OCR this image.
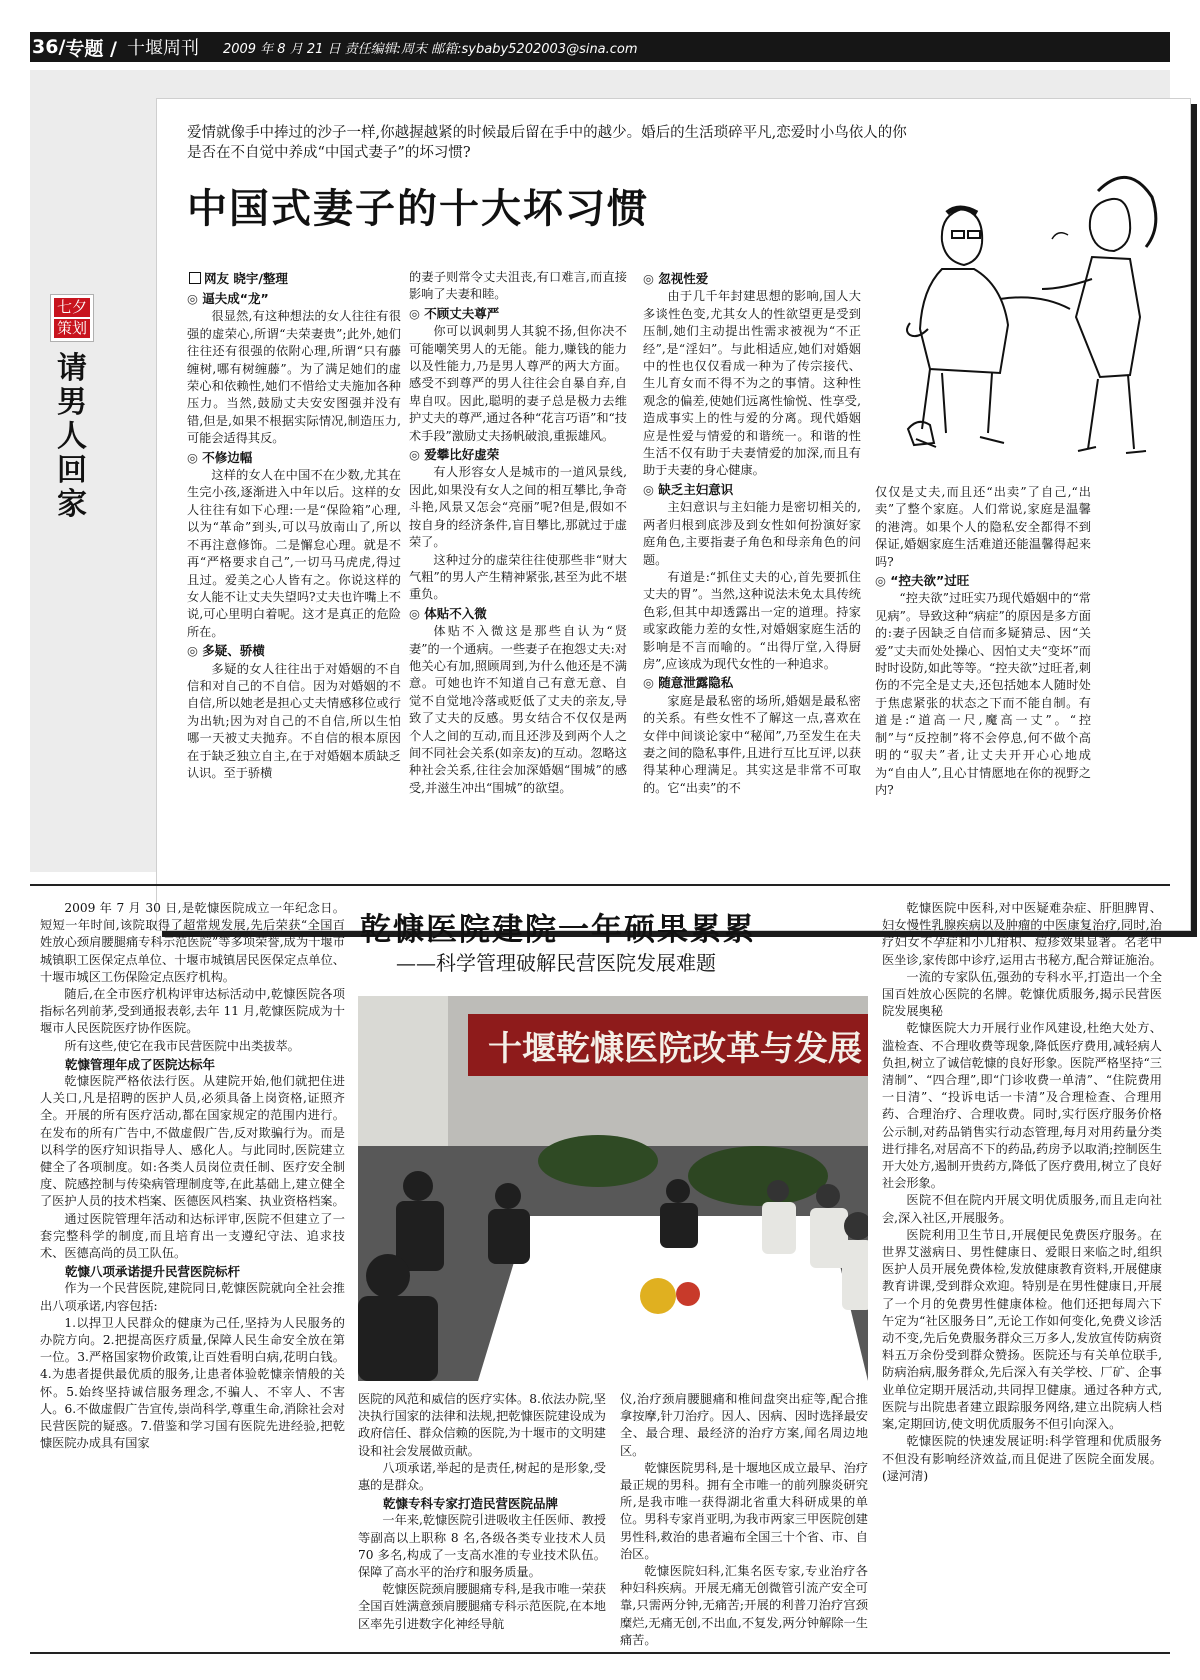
36/ 专题 / 十堰周刊 2009 年 8 月 21 日 责任编辑:周末 邮箱:sybaby5202003@sina.com
七夕
策划
请男人回家
爱情就像手中捧过的沙子一样,你越握越紧的时候最后留在手中的越少。婚后的生活琐碎平凡,恋爱时小鸟依人的你是否在不自觉中养成“中国式妻子”的坏习惯?
中国式妻子的十大坏习惯
网友 晓宇/整理
◎ 逼夫成“龙”

很显然,有这种想法的女人往往有很强的虚荣心,所谓“夫荣妻贵”;此外,她们往往还有很强的依附心理,所谓“只有藤缠树,哪有树缠藤”。为了满足她们的虚荣心和依赖性,她们不惜给丈夫施加各种压力。当然,鼓励丈夫安安图强并没有错,但是,如果不根据实际情况,制造压力,可能会适得其反。

◎ 不修边幅

这样的女人在中国不在少数,尤其在生完小孩,逐渐进入中年以后。这样的女人往往有如下心理:一是“保险箱”心理,以为“革命”到头,可以马放南山了,所以不再注意修饰。二是懈怠心理。就是不再“严格要求自己”,一切马马虎虎,得过且过。爱美之心人皆有之。你说这样的女人能不让丈夫失望吗?丈夫也许嘴上不说,可心里明白着呢。这才是真正的危险所在。

◎ 多疑、骄横

多疑的女人往往出于对婚姻的不自信和对自己的不自信。因为对婚姻的不自信,所以她老是担心丈夫情感移位或行为出轨;因为对自己的不自信,所以生怕哪一天被丈夫抛弃。不自信的根本原因在于缺乏独立自主,在于对婚姻本质缺乏认识。至于骄横

的妻子则常令丈夫沮丧,有口难言,而直接影响了夫妻和睦。

◎ 不顾丈夫尊严

你可以讽刺男人其貌不扬,但你决不可能嘲笑男人的无能。能力,赚钱的能力以及性能力,乃是男人尊严的两大方面。感受不到尊严的男人往往会自暴自弃,自卑自叹。因此,聪明的妻子总是极力去维护丈夫的尊严,通过各种“花言巧语”和“技术手段”激励丈夫扬帆破浪,重振雄风。

◎ 爱攀比好虚荣

有人形容女人是城市的一道风景线,因此,如果没有女人之间的相互攀比,争奇斗艳,风景又怎会“亮丽”呢?但是,假如不按自身的经济条件,盲目攀比,那就过于虚荣了。

这种过分的虚荣往往使那些非“财大气粗”的男人产生精神紧张,甚至为此不堪重负。

◎ 体贴不入微

体贴不入微这是那些自认为“贤妻”的一个通病。一些妻子在抱怨丈夫:对他关心有加,照顾周到,为什么他还是不满意。可她也许不知道自己有意无意、自觉不自觉地冷落或贬低了丈夫的亲友,导致了丈夫的反感。男女结合不仅仅是两个人之间的互动,而且还涉及到两个人之间不同社会关系(如亲友)的互动。忽略这种社会关系,往往会加深婚姻“围城”的感受,并滋生冲出“围城”的欲望。

◎ 忽视性爱

由于几千年封建思想的影响,国人大多谈性色变,尤其女人的性欲望更是受到压制,她们主动提出性需求被视为“不正经”,是“淫妇”。与此相适应,她们对婚姻中的性也仅仅看成一种为了传宗接代、生儿育女而不得不为之的事情。这种性观念的偏差,使她们远离性愉悦、性享受,造成事实上的性与爱的分离。现代婚姻应是性爱与情爱的和谐统一。和谐的性生活不仅有助于夫妻情爱的加深,而且有助于夫妻的身心健康。

◎ 缺乏主妇意识

主妇意识与主妇能力是密切相关的,两者归根到底涉及到女性如何扮演好家庭角色,主要指妻子角色和母亲角色的问题。

有道是:“抓住丈夫的心,首先要抓住丈夫的胃”。当然,这种说法未免太具传统色彩,但其中却透露出一定的道理。持家或家政能力差的女性,对婚姻家庭生活的影响是不言而喻的。“出得厅堂,入得厨房”,应该成为现代女性的一种追求。

◎ 随意泄露隐私

家庭是最私密的场所,婚姻是最私密的关系。有些女性不了解这一点,喜欢在女伴中间谈论家中“秘闻”,乃至发生在夫妻之间的隐私事件,且进行互比互评,以获得某种心理满足。其实这是非常不可取的。它“出卖”的不

仅仅是丈夫,而且还“出卖”了自己,“出卖”了整个家庭。人们常说,家庭是温馨的港湾。如果个人的隐私安全都得不到保证,婚姻家庭生活难道还能温馨得起来吗?

◎ “控夫欲”过旺

“控夫欲”过旺实乃现代婚姻中的“常见病”。导致这种“病症”的原因是多方面的:妻子因缺乏自信而多疑猜忌、因“关爱”丈夫而处处操心、因怕丈夫“变坏”而时时设防,如此等等。“控夫欲”过旺者,刺伤的不完全是丈夫,还包括她本人随时处于焦虑紧张的状态之下而不能自制。有道是:“道高一尺,魔高一丈”。“控制”与“反控制”将不会停息,何不做个高明的“驭夫”者,让丈夫开开心心地成为“自由人”,且心甘情愿地在你的视野之内?

乾慷医院建院一年硕果累累
——科学管理破解民营医院发展难题

2009 年 7 月 30 日,是乾慷医院成立一年纪念日。短短一年时间,该院取得了超常规发展,先后荣获“全国百姓放心颈肩腰腿痛专科示范医院”等多项荣誉,成为十堰市城镇职工医保定点单位、十堰市城镇居民医保定点单位、十堰市城区工伤保险定点医疗机构。

随后,在全市医疗机构评审达标活动中,乾慷医院各项指标名列前茅,受到通报表彰,去年 11 月,乾慷医院成为十堰市人民医院医疗协作医院。

所有这些,使它在我市民营医院中出类拔萃。

乾慷管理年成了医院达标年

乾慷医院严格依法行医。从建院开始,他们就把住进人关口,凡是招聘的医护人员,必须具备上岗资格,证照齐全。开展的所有医疗活动,都在国家规定的范围内进行。在发布的所有广告中,不做虚假广告,反对欺骗行为。而是以科学的医疗知识指导人、感化人。与此同时,医院建立健全了各项制度。如:各类人员岗位责任制、医疗安全制度、院感控制与传染病管理制度等,在此基础上,建立健全了医护人员的技术档案、医德医风档案、执业资格档案。

通过医院管理年活动和达标评审,医院不但建立了一套完整科学的制度,而且培育出一支遵纪守法、追求技术、医德高尚的员工队伍。

乾慷八项承诺提升民营医院标杆

作为一个民营医院,建院同日,乾慷医院就向全社会推出八项承诺,内容包括:

1.以捍卫人民群众的健康为己任,坚持为人民服务的办院方向。2.把提高医疗质量,保障人民生命安全放在第一位。3.严格国家物价政策,让百姓看明白病,花明白钱。4.为患者提供最优质的服务,让患者体验乾慷亲情般的关怀。5.始终坚持诚信服务理念,不骗人、不宰人、不害人。6.不做虚假广告宣传,崇尚科学,尊重生命,消除社会对民营医院的疑惑。7.借鉴和学习国有医院先进经验,把乾慷医院办成具有国家

十堰乾慷医院改革与发展

医院的风范和威信的医疗实体。8.依法办院,坚决执行国家的法律和法规,把乾慷医院建设成为政府信任、群众信赖的医院,为十堰市的文明建设和社会发展做贡献。

八项承诺,举起的是责任,树起的是形象,受惠的是群众。

乾慷专科专家打造民营医院品牌

一年来,乾慷医院引进吸收主任医师、教授等副高以上职称 8 名,各级各类专业技术人员 70 多名,构成了一支高水准的专业技术队伍。保障了高水平的治疗和服务质量。

乾慷医院颈肩腰腿痛专科,是我市唯一荣获全国百姓满意颈肩腰腿痛专科示范医院,在本地区率先引进数字化神经导航

仪,治疗颈肩腰腿痛和椎间盘突出症等,配合推拿按摩,针刀治疗。因人、因病、因时选择最安全、最合理、最经济的治疗方案,闻名周边地区。

乾慷医院男科,是十堰地区成立最早、治疗最正规的男科。拥有全市唯一的前列腺炎研究所,是我市唯一获得湖北省重大科研成果的单位。男科专家肖亚明,为我市两家三甲医院创建男性科,救治的患者遍布全国三十个省、市、自治区。

乾慷医院妇科,汇集名医专家,专业治疗各种妇科疾病。开展无痛无创微管引流产安全可靠,只需两分钟,无痛苦;开展的利普刀治疗宫颈糜烂,无痛无创,不出血,不复发,两分钟解除一生痛苦。

乾慷医院中医科,对中医疑难杂症、肝胆脾胃、妇女慢性乳腺疾病以及肿瘤的中医康复治疗,同时,治疗妇女不孕症和小儿疳积、痘疹效果显著。名老中医坐诊,家传郎中诊疗,运用古书秘方,配合辩证施治。

一流的专家队伍,强劲的专科水平,打造出一个全国百姓放心医院的名牌。乾慷优质服务,揭示民营医院发展奥秘

乾慷医院大力开展行业作风建设,杜绝大处方、滥检查、不合理收费等现象,降低医疗费用,减轻病人负担,树立了诚信乾慷的良好形象。医院严格坚持“三清制”、“四合理”,即“门诊收费一单清”、“住院费用一日清”、“投诉电话一卡清”及合理检查、合理用药、合理治疗、合理收费。同时,实行医疗服务价格公示制,对药品销售实行动态管理,每月对用药量分类进行排名,对居高不下的药品,药房予以取消;控制医生开大处方,遏制开贵药方,降低了医疗费用,树立了良好社会形象。

医院不但在院内开展文明优质服务,而且走向社会,深入社区,开展服务。

医院利用卫生节日,开展便民免费医疗服务。在世界艾滋病日、男性健康日、爱眼日来临之时,组织医护人员开展免费体检,发放健康教育资料,开展健康教育讲课,受到群众欢迎。特别是在男性健康日,开展了一个月的免费男性健康体检。他们还把每周六下午定为“社区服务日”,无论工作如何变化,免费义诊活动不变,先后免费服务群众三万多人,发放宣传防病资料五万余份受到群众赞扬。医院还与有关单位联手,防病治病,服务群众,先后深入有关学校、厂矿、企事业单位定期开展活动,共同捍卫健康。通过各种方式,医院与出院患者建立跟踪服务网络,建立出院病人档案,定期回访,使文明优质服务不但引向深入。

乾慷医院的快速发展证明:科学管理和优质服务不但没有影响经济效益,而且促进了医院全面发展。(逯河清)
